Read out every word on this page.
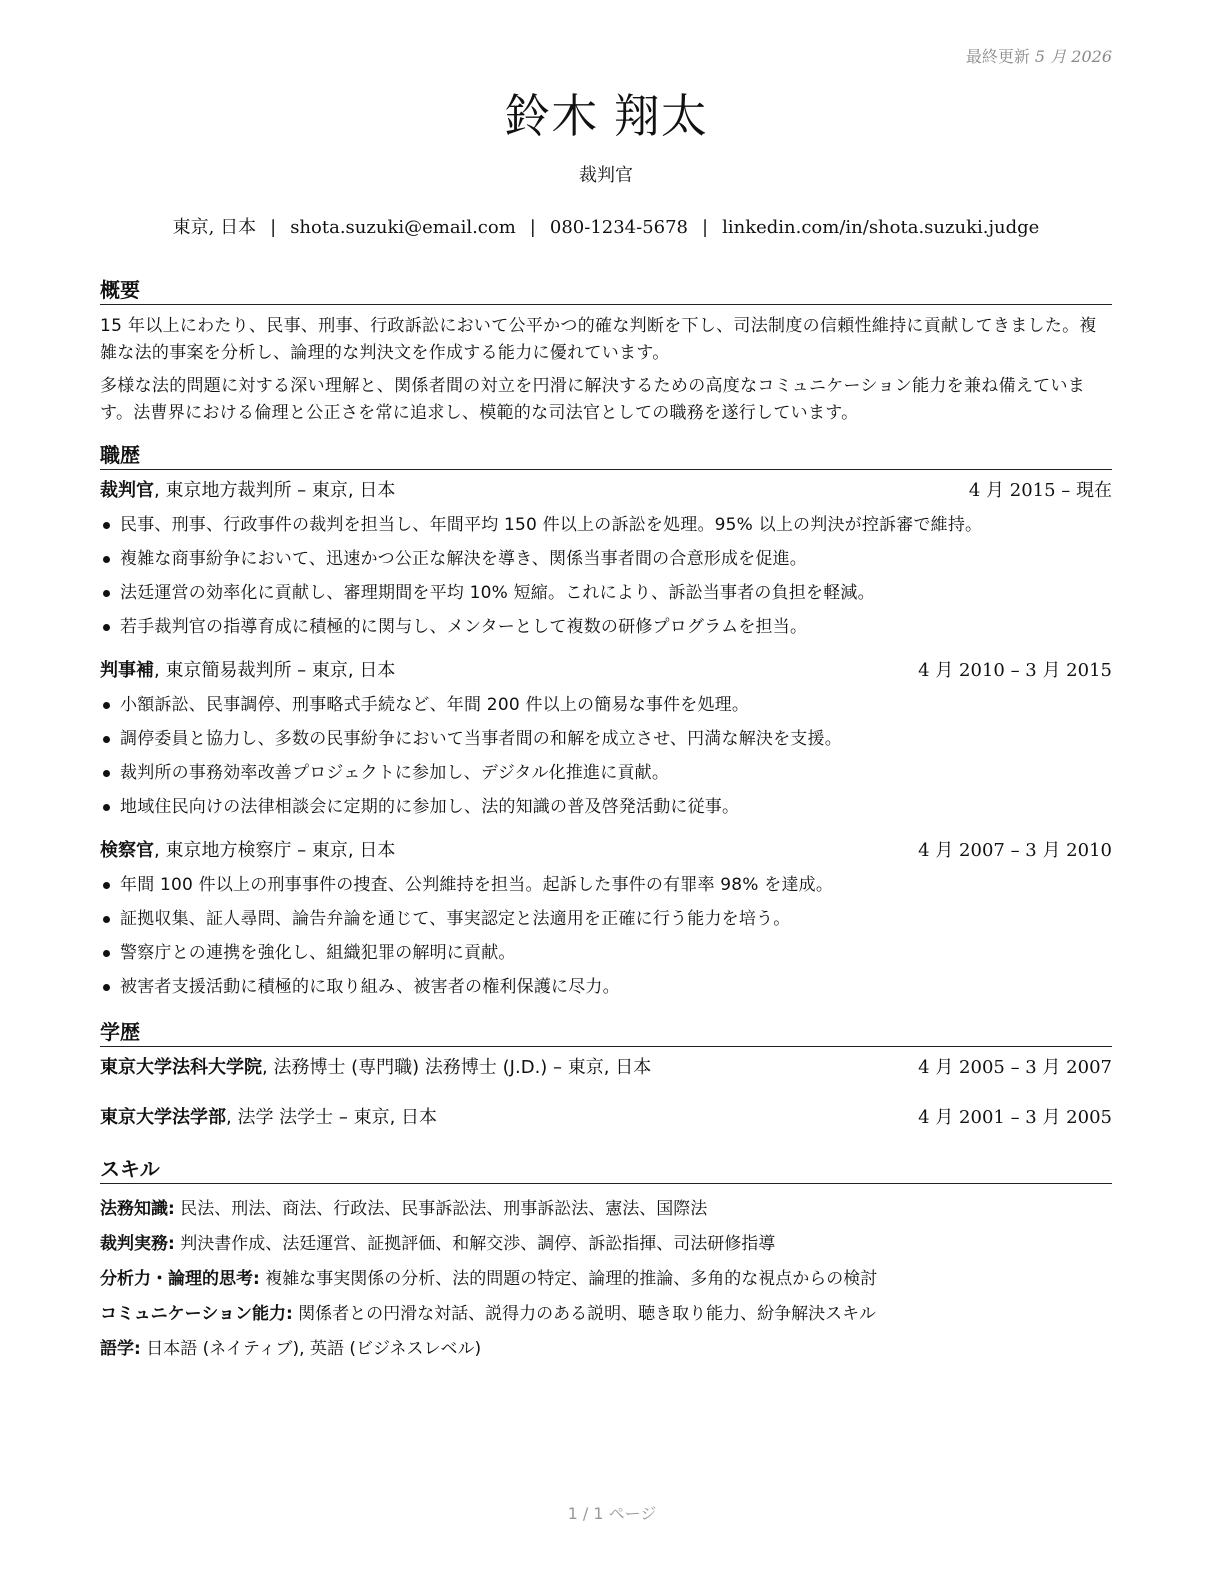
最終更新 5 月 2026
鈴木 翔太
裁判官
東京, 日本 | shota.suzuki@email.com | 080-1234-5678 | linkedin.com/in/shota.suzuki.judge
概要

15 年以上にわたり、民事、刑事、行政訴訟において公平かつ的確な判断を下し、司法制度の信頼性維持に貢献してきました。複雑な法的事案を分析し、論理的な判決文を作成する能力に優れています。

多様な法的問題に対する深い理解と、関係者間の対立を円滑に解決するための高度なコミュニケーション能力を兼ね備えています。法曹界における倫理と公正さを常に追求し、模範的な司法官としての職務を遂行しています。

職歴
裁判官, 東京地方裁判所 – 東京, 日本	4 月 2015 – 現在
民事、刑事、行政事件の裁判を担当し、年間平均 150 件以上の訴訟を処理。95% 以上の判決が控訴審で維持。
複雑な商事紛争において、迅速かつ公正な解決を導き、関係当事者間の合意形成を促進。
法廷運営の効率化に貢献し、審理期間を平均 10% 短縮。これにより、訴訟当事者の負担を軽減。
若手裁判官の指導育成に積極的に関与し、メンターとして複数の研修プログラムを担当。
判事補, 東京簡易裁判所 – 東京, 日本	4 月 2010 – 3 月 2015
小額訴訟、民事調停、刑事略式手続など、年間 200 件以上の簡易な事件を処理。
調停委員と協力し、多数の民事紛争において当事者間の和解を成立させ、円満な解決を支援。
裁判所の事務効率改善プロジェクトに参加し、デジタル化推進に貢献。
地域住民向けの法律相談会に定期的に参加し、法的知識の普及啓発活動に従事。
検察官, 東京地方検察庁 – 東京, 日本	4 月 2007 – 3 月 2010
年間 100 件以上の刑事事件の捜査、公判維持を担当。起訴した事件の有罪率 98% を達成。
証拠収集、証人尋問、論告弁論を通じて、事実認定と法適用を正確に行う能力を培う。
警察庁との連携を強化し、組織犯罪の解明に貢献。
被害者支援活動に積極的に取り組み、被害者の権利保護に尽力。
学歴
東京大学法科大学院, 法務博士 (専門職) 法務博士 (J.D.) – 東京, 日本	4 月 2005 – 3 月 2007
東京大学法学部, 法学 法学士 – 東京, 日本	4 月 2001 – 3 月 2005
スキル
法務知識: 民法、刑法、商法、行政法、民事訴訟法、刑事訴訟法、憲法、国際法
裁判実務: 判決書作成、法廷運営、証拠評価、和解交渉、調停、訴訟指揮、司法研修指導
分析力・論理的思考: 複雑な事実関係の分析、法的問題の特定、論理的推論、多角的な視点からの検討
コミュニケーション能力: 関係者との円滑な対話、説得力のある説明、聴き取り能力、紛争解決スキル
語学: 日本語 (ネイティブ), 英語 (ビジネスレベル)
1 / 1 ページ
